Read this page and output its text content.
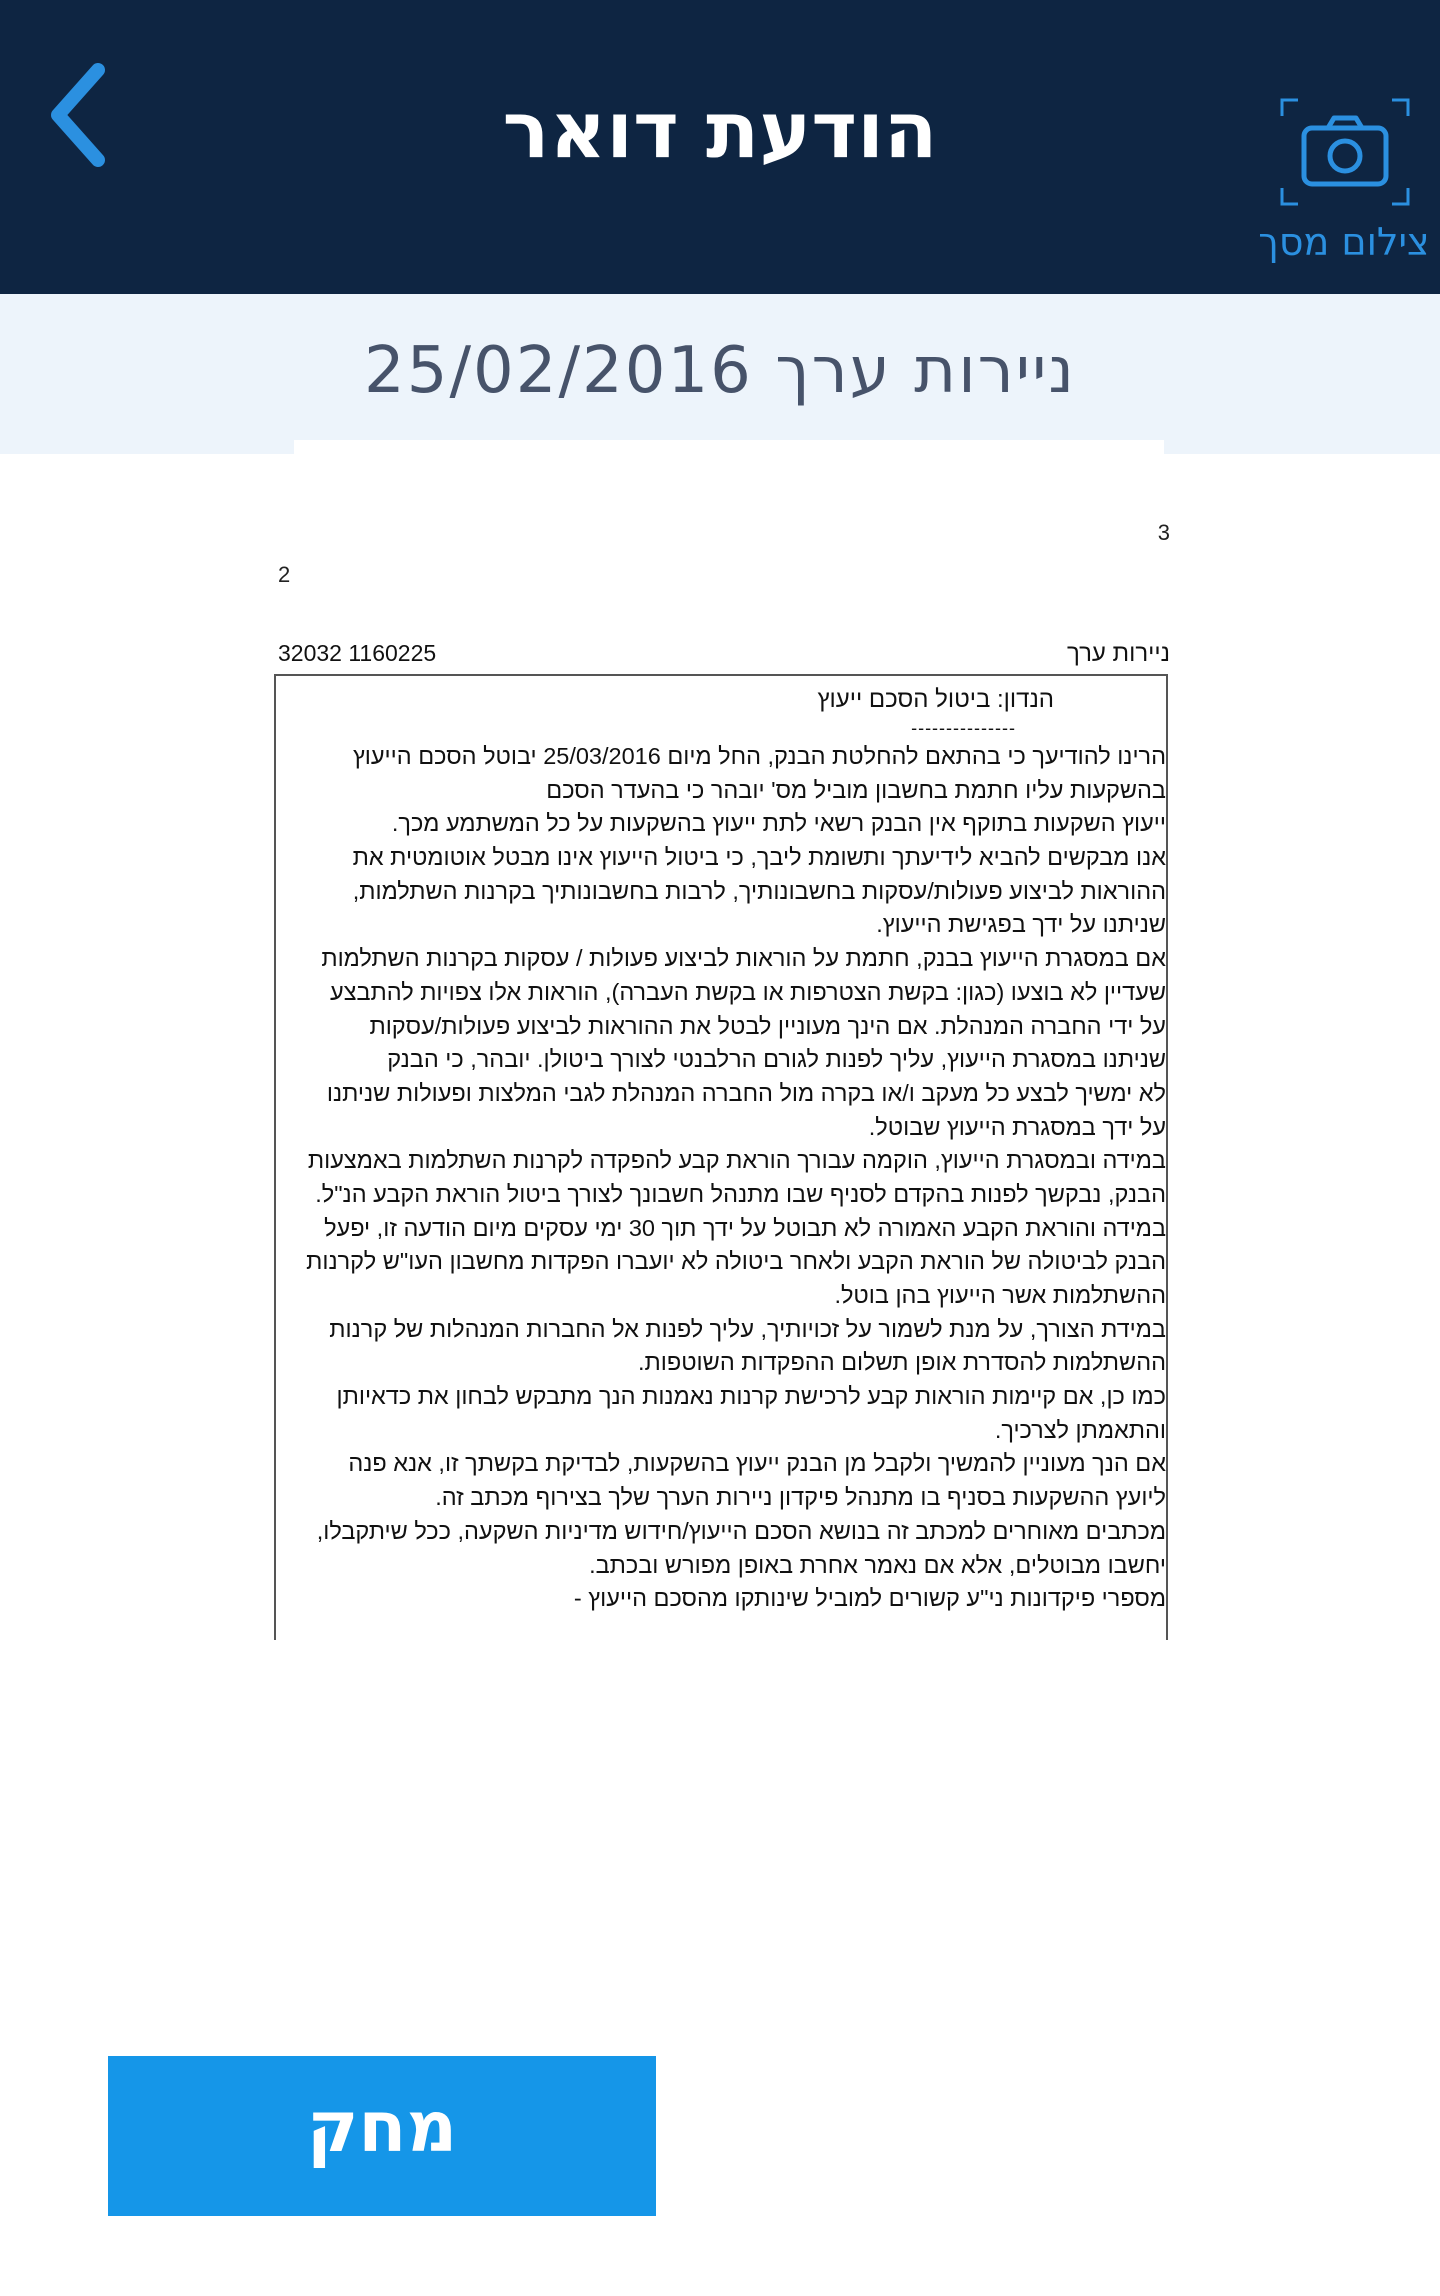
הודעת דואר
צילום מסך
ניירות ערך 25/02/2016
3
2
32032 1160225	ניירות ערך
הנדון: ביטול הסכם ייעוץ
---------------
הרינו להודיעך כי בהתאם להחלטת הבנק, החל מיום 25/03/2016 יבוטל הסכם הייעוץ
בהשקעות עליו חתמת בחשבון מוביל מס' יובהר כי בהעדר הסכם
ייעוץ השקעות בתוקף אין הבנק רשאי לתת ייעוץ בהשקעות על כל המשתמע מכך.
אנו מבקשים להביא לידיעתך ותשומת ליבך, כי ביטול הייעוץ אינו מבטל אוטומטית את
ההוראות לביצוע פעולות/עסקות בחשבונותיך, לרבות בחשבונותיך בקרנות השתלמות,
שניתנו על ידך בפגישת הייעוץ.
אם במסגרת הייעוץ בבנק, חתמת על הוראות לביצוע פעולות / עסקות בקרנות השתלמות
שעדיין לא בוצעו (כגון: בקשת הצטרפות או בקשת העברה), הוראות אלו צפויות להתבצע
על ידי החברה המנהלת. אם הינך מעוניין לבטל את ההוראות לביצוע פעולות/עסקות
שניתנו במסגרת הייעוץ, עליך לפנות לגורם הרלבנטי לצורך ביטולן. יובהר, כי הבנק
לא ימשיך לבצע כל מעקב ו/או בקרה מול החברה המנהלת לגבי המלצות ופעולות שניתנו
על ידך במסגרת הייעוץ שבוטל.
במידה ובמסגרת הייעוץ, הוקמה עבורך הוראת קבע להפקדה לקרנות השתלמות באמצעות
הבנק, נבקשך לפנות בהקדם לסניף שבו מתנהל חשבונך לצורך ביטול הוראת הקבע הנ"ל.
במידה והוראת הקבע האמורה לא תבוטל על ידך תוך 30 ימי עסקים מיום הודעה זו, יפעל
הבנק לביטולה של הוראת הקבע ולאחר ביטולה לא יועברו הפקדות מחשבון העו"ש לקרנות
ההשתלמות אשר הייעוץ בהן בוטל.
במידת הצורך, על מנת לשמור על זכויותיך, עליך לפנות אל החברות המנהלות של קרנות
ההשתלמות להסדרת אופן תשלום ההפקדות השוטפות.
כמו כן, אם קיימות הוראות קבע לרכישת קרנות נאמנות הנך מתבקש לבחון את כדאיותן
והתאמתן לצרכיך.
אם הנך מעוניין להמשיך ולקבל מן הבנק ייעוץ בהשקעות, לבדיקת בקשתך זו, אנא פנה
ליועץ ההשקעות בסניף בו מתנהל פיקדון ניירות הערך שלך בצירוף מכתב זה.
מכתבים מאוחרים למכתב זה בנושא הסכם הייעוץ/חידוש מדיניות השקעה, ככל שיתקבלו,
יחשבו מבוטלים, אלא אם נאמר אחרת באופן מפורש ובכתב.
מספרי פיקדונות ני"ע קשורים למוביל שינותקו מהסכם הייעוץ -
מחק
